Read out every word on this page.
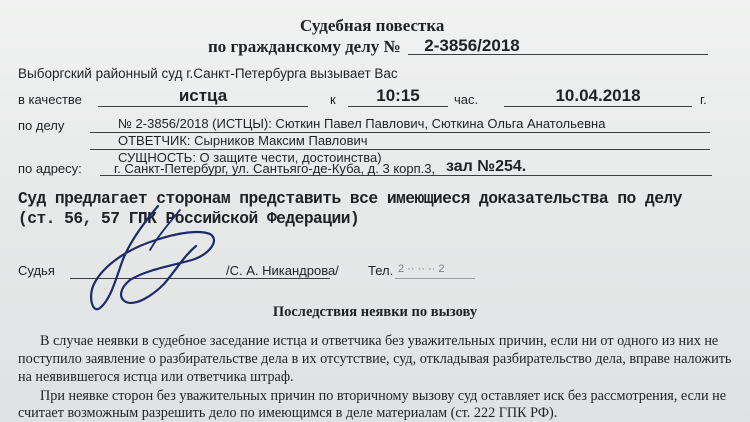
Судебная повестка
по гражданскому делу №	2-3856/2018
Выборгский районный суд г.Санкт-Петербурга вызывает Вас
в качестве	истца	к	10:15	час.	10.04.2018	г.
по делу	№ 2-3856/2018 (ИСТЦЫ): Сюткин Павел Павлович, Сюткина Ольга Анатольевна
ОТВЕТЧИК: Сырников Максим Павлович
СУЩНОСТЬ: О защите чести, достоинства)
по адресу: г. Санкт-Петербург, ул. Сантьяго-де-Куба, д. 3 корп.3, зал №254.
Суд предлагает сторонам представить все имеющиеся доказательства по делу
(ст. 56, 57 ГПК Российской Федерации)
Судья	/С. А. Никандрова/ Тел. 2 ·· ·· ·· 2
Последствия неявки по вызову
В случае неявки в судебное заседание истца и ответчика без уважительных причин, если ни от одного из них не
поступило заявление о разбирательстве дела в их отсутствие, суд, откладывая разбирательство дела, вправе наложить
на неявившегося истца или ответчика штраф.
При неявке сторон без уважительных причин по вторичному вызову суд оставляет иск без рассмотрения, если не
считает возможным разрешить дело по имеющимся в деле материалам (ст. 222 ГПК РФ).
